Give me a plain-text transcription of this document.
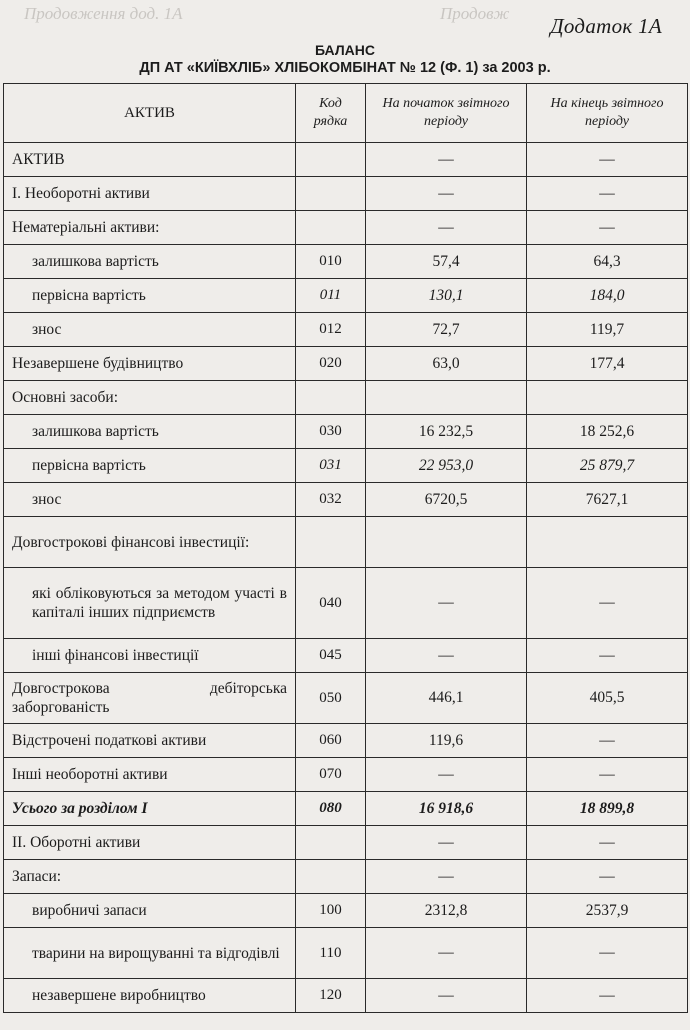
Продовження дод. 1А	Продовж
Додаток 1А
БАЛАНС
ДП АТ «КИЇВХЛІБ» ХЛІБОКОМБІНАТ № 12 (Ф. 1) за 2003 р.
АКТИВ	Код рядка	На початок звітного періоду	На кінець звітного періоду
АКТИВ		—	—
І. Необоротні активи		—	—
Нематеріальні активи:		—	—
залишкова вартість	010	57,4	64,3
первісна вартість	011	130,1	184,0
знос	012	72,7	119,7
Незавершене будівництво	020	63,0	177,4
Основні засоби:			
залишкова вартість	030	16 232,5	18 252,6
первісна вартість	031	22 953,0	25 879,7
знос	032	6720,5	7627,1
Довгострокові фінансові інвестиції:			
які обліковуються за методом участі в капіталі інших підприємств	040	—	—
інші фінансові інвестиції	045	—	—
Довгострокова дебіторська заборгованість	050	446,1	405,5
Відстрочені податкові активи	060	119,6	—
Інші необоротні активи	070	—	—
Усього за розділом I	080	16 918,6	18 899,8
II. Оборотні активи		—	—
Запаси:		—	—
виробничі запаси	100	2312,8	2537,9
тварини на вирощуванні та відгодівлі	110	—	—
незавершене виробництво	120	—	—
